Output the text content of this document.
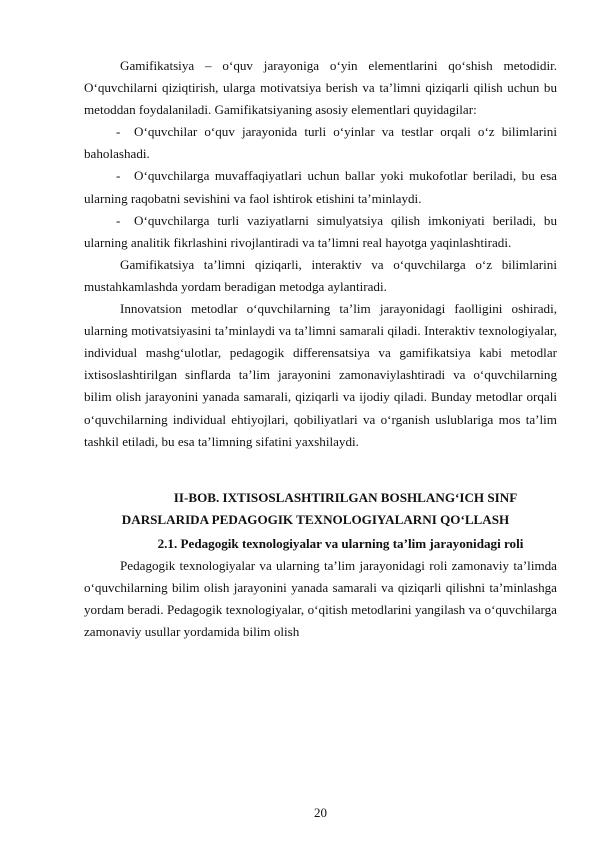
Gamifikatsiya – o‘quv jarayoniga o‘yin elementlarini qo‘shish metodidir. O‘quvchilarni qiziqtirish, ularga motivatsiya berish va ta’limni qiziqarli qilish uchun bu metoddan foydalaniladi. Gamifikatsiyaning asosiy elementlari quyidagilar:

- O‘quvchilar o‘quv jarayonida turli o‘yinlar va testlar orqali o‘z bilimlarini baholashadi.

- O‘quvchilarga muvaffaqiyatlari uchun ballar yoki mukofotlar beriladi, bu esa ularning raqobatni sevishini va faol ishtirok etishini ta’minlaydi.

- O‘quvchilarga turli vaziyatlarni simulyatsiya qilish imkoniyati beriladi, bu ularning analitik fikrlashini rivojlantiradi va ta’limni real hayotga yaqinlashtiradi.

Gamifikatsiya ta’limni qiziqarli, interaktiv va o‘quvchilarga o‘z bilimlarini mustahkamlashda yordam beradigan metodga aylantiradi.

Innovatsion metodlar o‘quvchilarning ta’lim jarayonidagi faolligini oshiradi, ularning motivatsiyasini ta’minlaydi va ta’limni samarali qiladi. Interaktiv texnologiyalar, individual mashg‘ulotlar, pedagogik differensatsiya va gamifikatsiya kabi metodlar ixtisoslashtirilgan sinflarda ta’lim jarayonini zamonaviylashtiradi va o‘quvchilarning bilim olish jarayonini yanada samarali, qiziqarli va ijodiy qiladi. Bunday metodlar orqali o‘quvchilarning individual ehtiyojlari, qobiliyatlari va o‘rganish uslublariga mos ta’lim tashkil etiladi, bu esa ta’limning sifatini yaxshilaydi.

II-BOB. IXTISOSLASHTIRILGAN BOSHLANG‘ICH SINF
DARSLARIDA PEDAGOGIK TEXNOLOGIYALARNI QO‘LLASH
2.1. Pedagogik texnologiyalar va ularning ta’lim jarayonidagi roli

Pedagogik texnologiyalar va ularning ta’lim jarayonidagi roli zamonaviy ta’limda o‘quvchilarning bilim olish jarayonini yanada samarali va qiziqarli qilishni ta’minlashga yordam beradi. Pedagogik texnologiyalar, o‘qitish metodlarini yangilash va o‘quvchilarga zamonaviy usullar yordamida bilim olish

20
